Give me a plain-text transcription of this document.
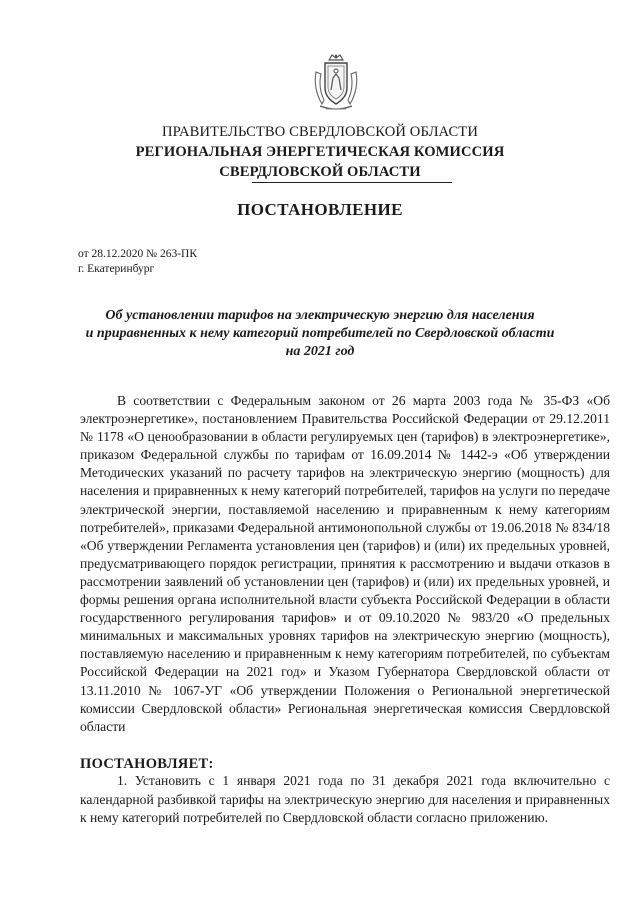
ПРАВИТЕЛЬСТВО СВЕРДЛОВСКОЙ ОБЛАСТИ
РЕГИОНАЛЬНАЯ ЭНЕРГЕТИЧЕСКАЯ КОМИССИЯ
СВЕРДЛОВСКОЙ ОБЛАСТИ
ПОСТАНОВЛЕНИЕ
от 28.12.2020 № 263-ПК
г. Екатеринбург
Об установлении тарифов на электрическую энергию для населения
и приравненных к нему категорий потребителей по Свердловской области
на 2021 год

В соответствии с Федеральным законом от 26 марта 2003 года № 35-ФЗ «Об электроэнергетике», постановлением Правительства Российской Федерации от 29.12.2011 № 1178 «О ценообразовании в области регулируемых цен (тарифов) в электроэнергетике», приказом Федеральной службы по тарифам от 16.09.2014 № 1442-э «Об утверждении Методических указаний по расчету тарифов на электрическую энергию (мощность) для населения и приравненных к нему категорий потребителей, тарифов на услуги по передаче электрической энергии, поставляемой населению и приравненным к нему категориям потребителей», приказами Федеральной антимонопольной службы от 19.06.2018 № 834/18 «Об утверждении Регламента установления цен (тарифов) и (или) их предельных уровней, предусматривающего порядок регистрации, принятия к рассмотрению и выдачи отказов в рассмотрении заявлений об установлении цен (тарифов) и (или) их предельных уровней, и формы решения органа исполнительной власти субъекта Российской Федерации в области государственного регулирования тарифов» и от 09.10.2020 № 983/20 «О предельных минимальных и максимальных уровнях тарифов на электрическую энергию (мощность), поставляемую населению и приравненным к нему категориям потребителей, по субъектам Российской Федерации на 2021 год» и Указом Губернатора Свердловской области от 13.11.2010 № 1067-УГ «Об утверждении Положения о Региональной энергетической комиссии Свердловской области» Региональная энергетическая комиссия Свердловской области

ПОСТАНОВЛЯЕТ:

1. Установить с 1 января 2021 года по 31 декабря 2021 года включительно с календарной разбивкой тарифы на электрическую энергию для населения и приравненных к нему категорий потребителей по Свердловской области согласно приложению.
